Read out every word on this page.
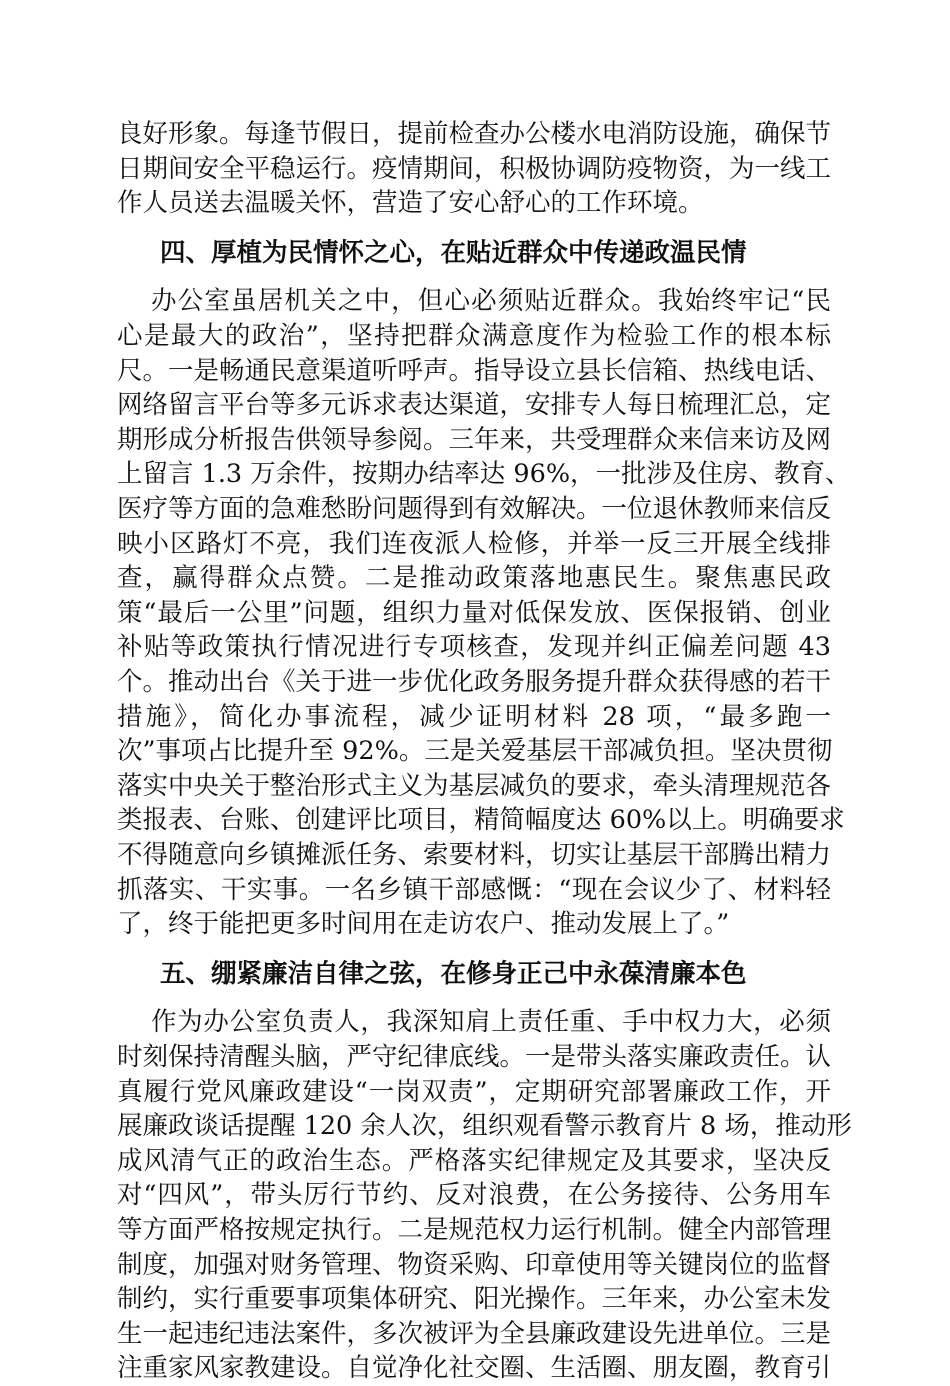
良好形象。每逢节假日，提前检查办公楼水电消防设施，确保节
日期间安全平稳运行。疫情期间，积极协调防疫物资，为一线工
作人员送去温暖关怀，营造了安心舒心的工作环境。
四、厚植为民情怀之心，在贴近群众中传递政温民情
办公室虽居机关之中，但心必须贴近群众。我始终牢记“民
心是最大的政治”，坚持把群众满意度作为检验工作的根本标
尺。一是畅通民意渠道听呼声。指导设立县长信箱、热线电话、
网络留言平台等多元诉求表达渠道，安排专人每日梳理汇总，定
期形成分析报告供领导参阅。三年来，共受理群众来信来访及网
上留言 1.3 万余件，按期办结率达 96%，一批涉及住房、教育、
医疗等方面的急难愁盼问题得到有效解决。一位退休教师来信反
映小区路灯不亮，我们连夜派人检修，并举一反三开展全线排
查，赢得群众点赞。二是推动政策落地惠民生。聚焦惠民政
策“最后一公里”问题，组织力量对低保发放、医保报销、创业
补贴等政策执行情况进行专项核查，发现并纠正偏差问题 43
个。推动出台《关于进一步优化政务服务提升群众获得感的若干
措施》，简化办事流程，减少证明材料 28 项，“最多跑一
次”事项占比提升至 92%。三是关爱基层干部减负担。坚决贯彻
落实中央关于整治形式主义为基层减负的要求，牵头清理规范各
类报表、台账、创建评比项目，精简幅度达 60%以上。明确要求
不得随意向乡镇摊派任务、索要材料，切实让基层干部腾出精力
抓落实、干实事。一名乡镇干部感慨：“现在会议少了、材料轻
了，终于能把更多时间用在走访农户、推动发展上了。”
五、绷紧廉洁自律之弦，在修身正己中永葆清廉本色
作为办公室负责人，我深知肩上责任重、手中权力大，必须
时刻保持清醒头脑，严守纪律底线。一是带头落实廉政责任。认
真履行党风廉政建设“一岗双责”，定期研究部署廉政工作，开
展廉政谈话提醒 120 余人次，组织观看警示教育片 8 场，推动形
成风清气正的政治生态。严格落实纪律规定及其要求，坚决反
对“四风”，带头厉行节约、反对浪费，在公务接待、公务用车
等方面严格按规定执行。二是规范权力运行机制。健全内部管理
制度，加强对财务管理、物资采购、印章使用等关键岗位的监督
制约，实行重要事项集体研究、阳光操作。三年来，办公室未发
生一起违纪违法案件，多次被评为全县廉政建设先进单位。三是
注重家风家教建设。自觉净化社交圈、生活圈、朋友圈，教育引
